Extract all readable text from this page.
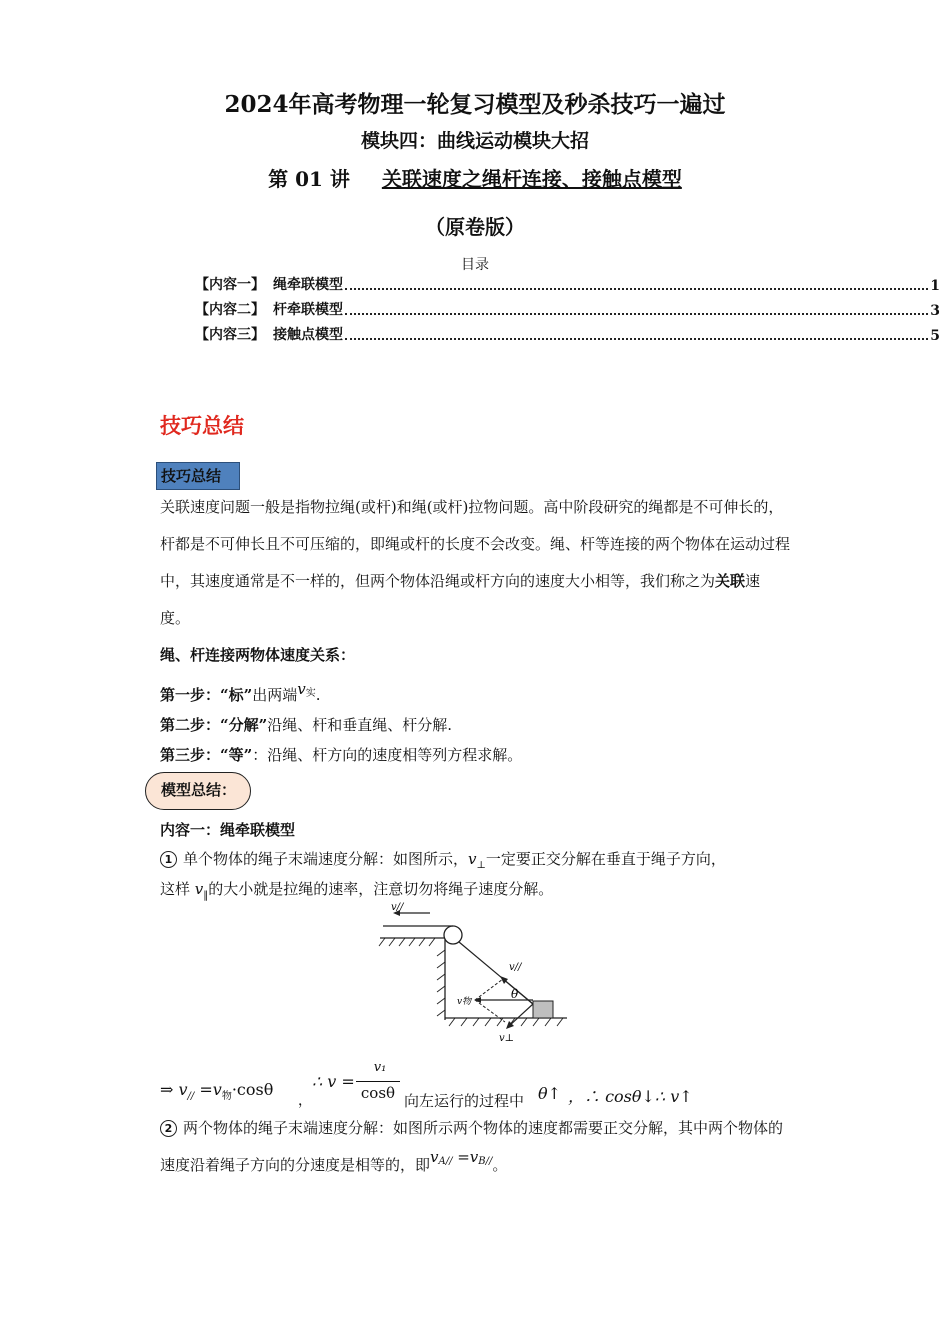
2024年高考物理一轮复习模型及秒杀技巧一遍过
模块四：曲线运动模块大招
第 01 讲 关联速度之绳杆连接、接触点模型
（原卷版）
目录
【内容一】 绳牵联模型	1
【内容二】 杆牵联模型	3
【内容三】 接触点模型	5
技巧总结
技巧总结
关联速度问题一般是指物拉绳(或杆)和绳(或杆)拉物问题。高中阶段研究的绳都是不可伸长的，杆都是不可伸长且不可压缩的，即绳或杆的长度不会改变。绳、杆等连接的两个物体在运动过程中，其速度通常是不一样的，但两个物体沿绳或杆方向的速度大小相等，我们称之为关联速度。
绳、杆连接两物体速度关系：
第一步：“标”出两端$v^实$.
第二步：“分解”沿绳、杆和垂直绳、杆分解.
第三步：“等”：沿绳、杆方向的速度相等列方程求解。
模型总结：
内容一：绳牵联模型
1 单个物体的绳子末端速度分解：如图所示，$v_\perp$一定要正交分解在垂直于绳子方向，
这样 $v_‖$的大小就是拉绳的速率，注意切勿将绳子速度分解。
v//
v//
v物
θ
v⊥
⇒ $v_{//} =v_物\cdot\cos\theta$
，
∴ v =
v₁
cosθ 向左运行的过程中 θ↑ ，∴ cosθ↓∴ v↑
2 两个物体的绳子末端速度分解：如图所示两个物体的速度都需要正交分解，其中两个物体的速度沿着绳子方向的分速度是相等的，即$v^{A//} =v^{B//}$。
